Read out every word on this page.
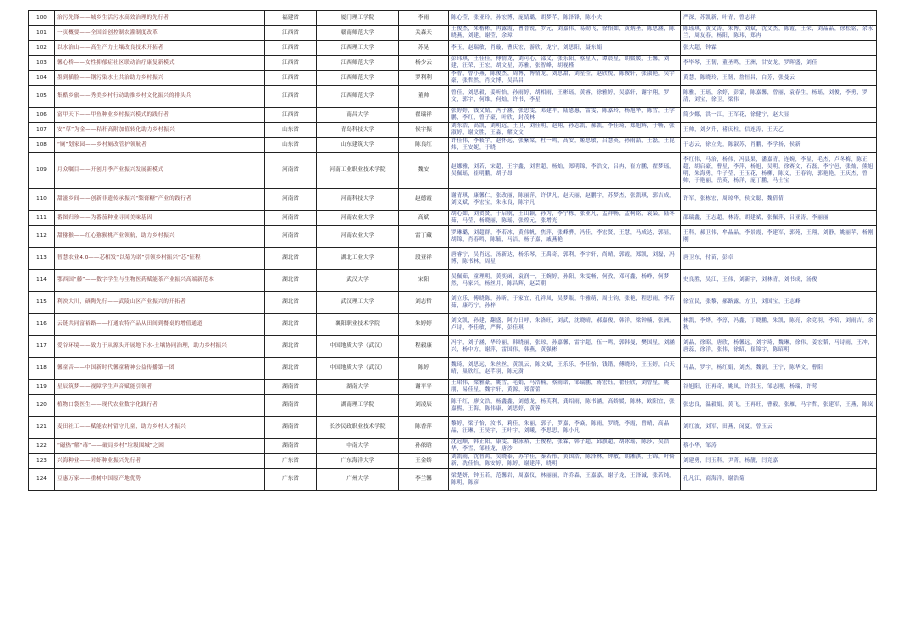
100	治污先锋——城乡生活污水高效治理的先行者	福建省	厦门理工学院	李雨	陈心莹，张亚玲，孙宏博，庞婧璐，胡梦芊，陈泽锋，陈小夫	严深，苏凯新，叶青，曾志祥
101	一页概要——全国首创控制农灌制度改革	江西省	赣南师范大学	关森天	王俊杰，朱楷彬，冉露霞，曹晋锐，罗元，刘嘉伟，易勋飞，徐怡如，黄炳圣，陈思涵，陈晓燕，刘建，谢莹，余璋	陈瑶琪，黄文涛，朱博，刘斌，沈文杰，陈霞，王荣，刘晶晶，徐松铭，余永兰，周友春，杨阳，陈玮，郑冉
102	以水治山——高生产力土壤改良技术开拓者	江西省	江西理工大学	苏晃	李玉，赵瑞敏，肖璇，曹庆宏，游欣，龙宁，刘思阳，聂东娟	张大超，钟霖
103	馨心桥——女性抑郁症社区联动治疗康复新模式	江西省	江西师范大学	杨少云	彭玮琪，王佳佳，傅情龙，刘可心，邵义，张乐阳，蔡星人，谭晨星，胡媛媛，王馨，刘建，汪荣，王宏，胡文星，苏雅，张智峰，胡视槿	李毕琴，王韧，董圣鸣，王洲，甘安龙，罗晖盛，刘佳
104	墨到插脸——钢污染水土共治助力乡村振兴	江西省	江西师范大学	罗利利	李智，曾小燕，陈俊杰，周博，博情龙，刘思甜，刘星莹，赵欣悦，陈俊轩，张淑艳，吴宇豪，张哲然，肖文博，吴昌昌	黄慧，陈晓玲，王韧，詹恒昌，白芳，张曼云
105	集酷乡旅——秀美乡村行动助推乡村文化振兴的排头兵	江西省	江西师范大学	董帅	曾佳，刘思毅，姜听怡，孙雨婷，胡相雨，王彬瑶，黄睿，徐雅婷，吴嘉轩，谢宇翔，罗文，郭宇，何维，何灿，许书，李星	陈雅，王瑶，余婷，彭蒙，陈嘉馨，曾丽，袁春生，杨瑶，刘俊，李勇，罗清，刘宝，徐卫，梁伟
106	富甲天下——甲鱼种业乡村振兴模式的践行者	江西省	南昌大学	翟瑞祥	张婷婷，钱文婧，冯子涵，张思雯，邓建平，陆恩惠，雷雯，陈嘉玲，杨旭华，陈雪，王学鹏，李红，曾子豪，叶欣，封茂林	简少娜，洪一江，王军花，徐健宁，赵大显
107	安“草”为金——秸秆高附加值转化助力乡村振兴	山东省	青岛科技大学	侯宇振	刘东浩，高凯，刘明远，王卫，刘佳明，赵翔，孙志凯，郝凯，李佳琦，郑旭辉，于畅，张淑婷，谢文胜，王淼，解文文	王帅，刘夕升，褚庆柱，信连涛，王天乙
108	“厕”划家园——乡村厕改管护领航者	山东省	山东建筑大学	陈良红	许佳伟，李筱宇，赵怀远，张紫棠，杜一鸣，高安，姬思敏，吕慧英，孙雨喆，王磊，王昆炜，王安妮，于晓	于志云，徐立先，陈淑苏，肖鹏，李学扬，侯新
109	月众嘱目——开创月季产业振兴发展新模式	河南省	河南工业职业技术学院	魏安	赵娜雅，刘若，宋超，王宇鑫，刘世超，杨灿，郑明锦，李浩文，吕冉，崔方鹏，翟梦瑶，吴佩瑶，崔明鹏，胡子昂	李红伟，马治，杨伟，冯县果，潘嘉青，连婉，李显，毛杰，卢冬梅，陈正超，胡启豪，曹星，李萍，杨旭，吴明，徐赛文，石磊，李宁邑，张灿，熊旭明，朱海勇，牛子莹，王玉花，杨柳，陈义，王春钧，郭艳艳，王庆杰，曾帅，于艳丽，岳英，杨洋，庞丁鹏，马士宝
110	甜滋乡间——创新非遗传承振兴“梨膏糖”产业的践行者	河南省	河南科技大学	赵德霞	谢青琪，康馨仁，张改丽，陈丽萍，许伊凡，赵天丽，赵鹏宇，苏梦杰，张凯琪，郭吉成，刘义斌，李宏宝，朱永良，陈宇凡	许军，张栋宏，周琼华，侯文聪，魏倩倩
111	番图归珍——为番茄种业寻回美味基因	河南省	河南农业大学	高斌	胡心如，刘贺贤，于启航，王山颖，孙为，李宁栋，张亚凡，孟祥畅，孟柯铭，袁枭，陆冬茹，马莹，杨晓丽，陈瑶，张煌元，张增光	邵瑞鑫，王志超，林涛，胡建斌，张佩萍，吕亚涛，李丽丽
112	甜猕猴——红心猕猴桃产业领航，助力乡村振兴	河南省	河南农业大学	雷丁藏	罗琳璐，刘超群，李若冰，黄伟帆，焦萍，张峰骅，冯佳，李宏贤，王慧，马成达，郭显，胡锦，肖春鸣，陈毓，马洁，杨子嘉，戚燕艳	王科，郝卫伟，牟晶晶，李景霞，李建军，郭苑，王翔，刘静，姚丽苹，杨刚刚
113	智慧农业4.0——芯相发“以菊为诺”引领乡村振兴“芯”征程	湖北省	湖北工业大学	段亚祥	唐睿宁，吴肖远，汤新达，杨乐琴，王禹奇，郭利，李宇轩，尚晴，郭霞，郑凯，刘磊，冯博，陈书林，周星	唐卫东，付苗，彭卓
114	鄂西国“藤”——数字学生与生物医药赋能茶产业振兴高端新范本	湖北省	武汉大学	宋阳	吴佩茹，童理明，黄奕函，袁润一，王婉婷，孙阳，朱雯畅，何孜，邓可鑫，杨峥，何梦然，马家兴，杨丝月，陈昌辉，赵芸朝	史良胜，吴江，王伟，刘新宇，刘林青，刘书成，汤俊
115	利泱大川，硒陶先行——武陵山区产业振兴的开拓者	湖北省	武汉理工大学	刘志哲	刘立乐，傅晓陈，孙昕，于家宜，孔祥凤，吴梦瓶，牛雅萌，周士钧，张艳，程思雨，李若茹，康巧宁，孙梓	徐宣民，张黎，郝路露，方卫，刘国宝，王志峰
116	云链共同富裕路——打通农特产品从田间到餐桌的增值通道	湖北省	襄阳职业技术学院	朱婷婷	刘文凯，孙建，翻盛，阿力日呼，朱洛旺，刘武，沈晓晴，郝嘉俊，韩洋，梁钟楠，张洲，卢诗，李佳敏，严辉，彭佳琪	林凯，李烨，李淳，冯鑫，丁晓鹏，朱凯，陈亮，余竞羽，李培，刘雨吉，余秋
117	爱谷环境——致力于从源头开展地下水-土壤协同治理，助力乡村振兴	湖北省	中国地质大学（武汉）	程毅康	冯宇，刘子涵，华玲丽，韩晓丽，张琼，孙嘉馨，雷宇超，伍一鸣，郭韩曼，樊国星，刘涵兴，杨中方，谢萍，雷国伟，韩燕，黄强彬	刘晶，徐昭，唐欣，杨馨远，刘宇琦，魏琳，徐伟，姜宏韬，马诗雨，王冲，唐蕊，徐洋，张伟，徐昭，崔锦宇，陈昭明
118	馨童音——中国新时代馨童精神公益传播第一团	湖北省	中国地质大学（武汉）	陈婷	魏琦，刘思远，朱丝丝，黄凯云，陈文斌，王乐乐，李佳怡，钱锴，傅晓玲，王玉婷，白天晴，巢欣红，赵芊羽，陈元澍	马晶，罗宇，杨红娟，刘杰，魏润，王宁，陈华文，曹阳
119	星辰筑梦——视障学生声音赋能引领者	湖南省	湖南大学	谢平平	王珺伟，梁雅豪，姚雪，毛娟，马浩楠，蔡雨诺，邹瑞鹏，蒋宏钰，翟佳欣，刘曾星，姚朋，易佳星，魏宇轩，黄源，郑蕾蕾	谷旭阳，汪再奇，姚凤，许洪玉，邹志刚，杨瑞，许莺
120	植物口袋医生——现代农业数字化践行者	湖南省	湖南理工学院	刘凌辰	陈千红，廖文浩，杨鑫鑫，刘德龙，杨芙利，龚绍雨，陈书涵，高娇媛，陈林，欧阳宜，张嘉熙，王海，陈伟康，刘思婷，黄蓉	张忠良，温毅娟，黄飞，王再旺，曹毅，张雁，马宇哲，张建军，王燕，陈岚
121	麦田社工——赋能农村留守儿童，助力乡村人才振兴	湖南省	长沙民政职业技术学院	陈香萍	黎婷，梁子怡，汝书，莉佳，朱丽，郭子，罗嘉，李焱，陈雨，罗晓，李霞，曾晴，高晶晶，汪琳，王昊宇，王叶宇，刘曦，李思思，陈小凡	刘红波，刘军，田燕，闵夏，曾玉云
122	“磁热”解“毒”——破局乡村“垃圾围城”之困	湖南省	中南大学	孙依晗	沈冠顺，韩正阳，康雯，谢泳裕，王俊程，张霖，韩子超，邱旗超，胡冰瑶，陈莎，吴浩华，李雪，邹桂龙，唐沙	蔡小华，邹涛
123	兴海种业——对虾种业振兴先行者	广东省	广东海洋大学	王金娇	刘凯雨，沈智鸿，吴晓泰，苏宇佳，秦若彤，黄国浩，陈泽林，钟敏，胡湘淇，王锦，叶倚新，冼佳怡，陈安婷，陈婷，谢建萍，晓明	刘建勇，闫玉科，尹菁，杨靓，闫竞嘉
124	豆惠万家——重树中国原产地优势	广东省	广州大学	李兰馨	梁楚妍，钟玉若，范馨岩，周嘉仪，林丽丽，许乔森，王嘉嘉，谢子龙，王泽诚，张若纯，陈明，陈彦	孔凡江，商海洋，谢浩菊
